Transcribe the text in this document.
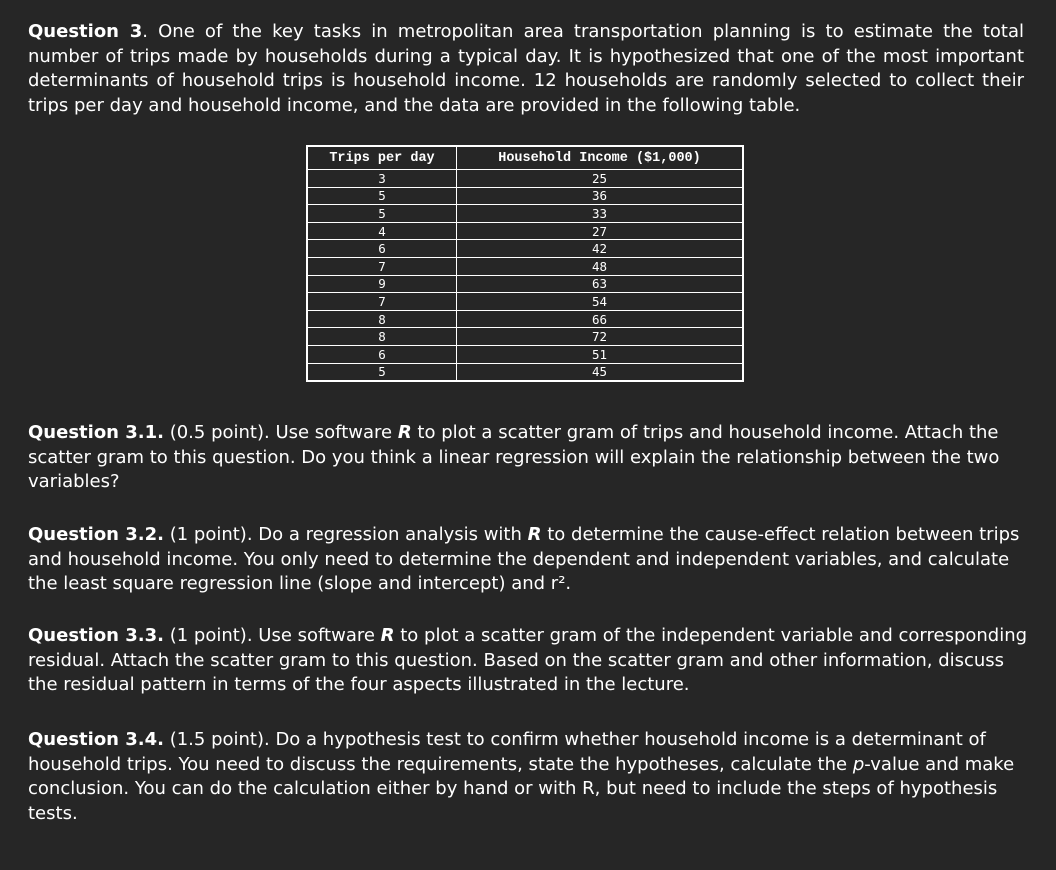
Question 3. One of the key tasks in metropolitan area transportation planning is to estimate the total number of trips made by households during a typical day. It is hypothesized that one of the most important determinants of household trips is household income. 12 households are randomly selected to collect their trips per day and household income, and the data are provided in the following table.

Trips per day	Household Income ($1,000)
3	25
5	36
5	33
4	27
6	42
7	48
9	63
7	54
8	66
8	72
6	51
5	45

Question 3.1. (0.5 point). Use software R to plot a scatter gram of trips and household income. Attach the scatter gram to this question. Do you think a linear regression will explain the relationship between the two variables?

Question 3.2. (1 point). Do a regression analysis with R to determine the cause-effect relation between trips and household income. You only need to determine the dependent and independent variables, and calculate the least square regression line (slope and intercept) and r².

Question 3.3. (1 point). Use software R to plot a scatter gram of the independent variable and corresponding residual. Attach the scatter gram to this question. Based on the scatter gram and other information, discuss the residual pattern in terms of the four aspects illustrated in the lecture.

Question 3.4. (1.5 point). Do a hypothesis test to confirm whether household income is a determinant of household trips. You need to discuss the requirements, state the hypotheses, calculate the p-value and make conclusion. You can do the calculation either by hand or with R, but need to include the steps of hypothesis tests.
